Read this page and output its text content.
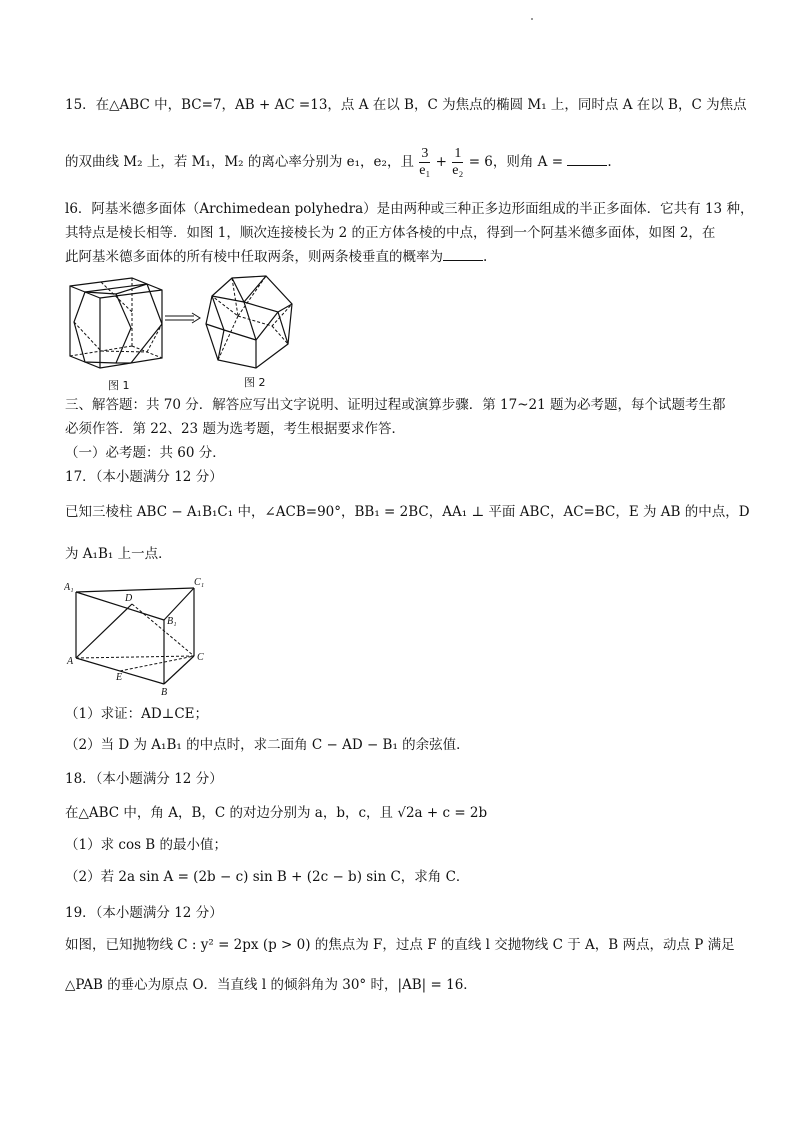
15．在△ABC 中，BC=7，AB + AC =13，点 A 在以 B，C 为焦点的椭圆 M₁ 上，同时点 A 在以 B，C 为焦点
的双曲线 M₂ 上，若 M₁，M₂ 的离心率分别为 e₁，e₂，且 $\frac{3}{\text{e₁}} + \frac{1}{\text{e₂}} = 6$，则角 A =	.
l6．阿基米德多面体（Archimedean polyhedra）是由两种或三种正多边形面组成的半正多面体．它共有 13 种，
其特点是棱长相等．如图 1，顺次连接棱长为 2 的正方体各棱的中点，得到一个阿基米德多面体，如图 2，在
此阿基米德多面体的所有棱中任取两条，则两条棱垂直的概率为	.
图 1	图 2
三、解答题：共 70 分．解答应写出文字说明、证明过程或演算步骤．第 17~21 题为必考题，每个试题考生都
必须作答．第 22、23 题为选考题，考生根据要求作答．
（一）必考题：共 60 分．
17．（本小题满分 12 分）
已知三棱柱 ABC − A₁B₁C₁ 中，∠ACB=90°，BB₁ = 2BC，AA₁ ⊥ 平面 ABC，AC=BC，E 为 AB 的中点，D
为 A₁B₁ 上一点．
A₁	C₁
D
B₁
A	C
E
B
（1）求证：AD⊥CE；
（2）当 D 为 A₁B₁ 的中点时，求二面角 C − AD − B₁ 的余弦值．
18．（本小题满分 12 分）
在△ABC 中，角 A，B，C 的对边分别为 a，b，c，且 √2a + c = 2b
（1）求 cos B 的最小值；
（2）若 2a sin A = (2b − c) sin B + (2c − b) sin C，求角 C．
19．（本小题满分 12 分）
如图，已知抛物线 C : y² = 2px (p > 0) 的焦点为 F，过点 F 的直线 l 交抛物线 C 于 A，B 两点，动点 P 满足
△PAB 的垂心为原点 O．当直线 l 的倾斜角为 30° 时，|AB| = 16．
